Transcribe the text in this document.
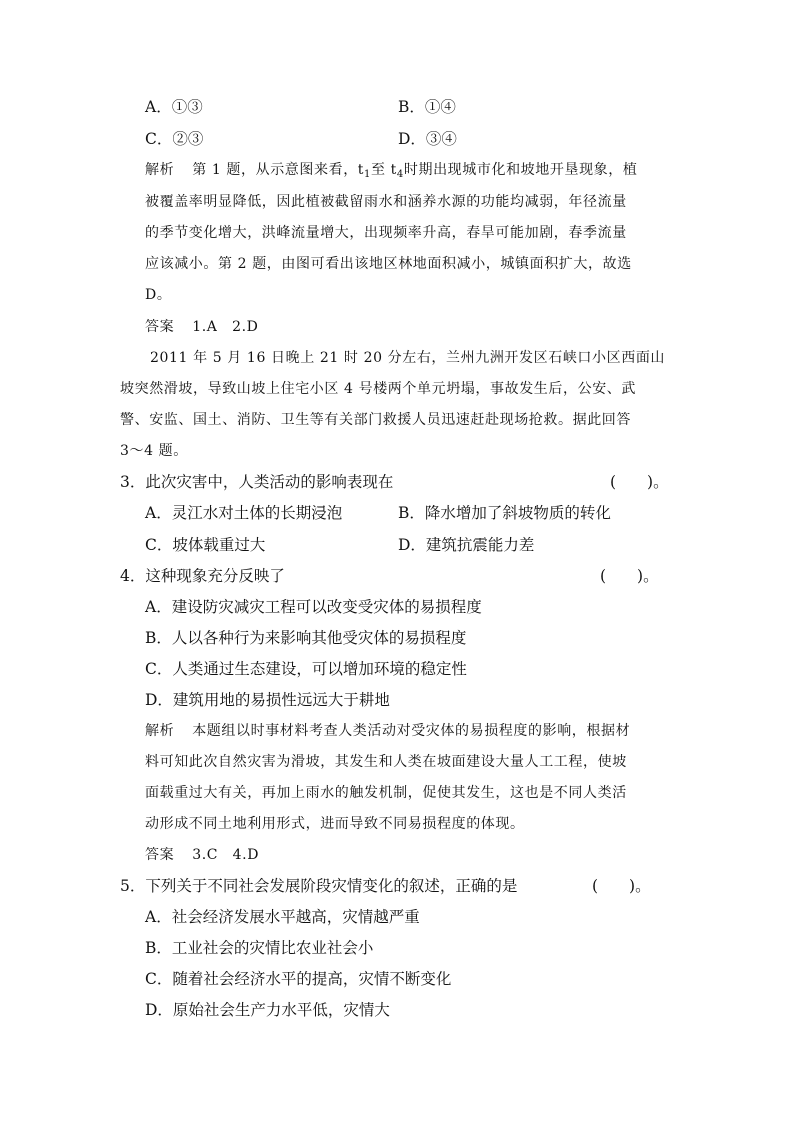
A．①③	B．①④
C．②③	D．③④
解析 第 1 题，从示意图来看，$t_1$至 $t_4$时期出现城市化和坡地开垦现象，植
被覆盖率明显降低，因此植被截留雨水和涵养水源的功能均减弱，年径流量
的季节变化增大，洪峰流量增大，出现频率升高，春旱可能加剧，春季流量
应该减小。第 2 题，由图可看出该地区林地面积减小，城镇面积扩大，故选
D。
答案 1.A　2.D
2011 年 5 月 16 日晚上 21 时 20 分左右，兰州九洲开发区石峡口小区西面山
坡突然滑坡，导致山坡上住宅小区 4 号楼两个单元坍塌，事故发生后，公安、武
警、安监、国土、消防、卫生等有关部门救援人员迅速赶赴现场抢救。据此回答
3～4 题。
3．此次灾害中，人类活动的影响表现在	(　　)。
A．灵江水对土体的长期浸泡	B．降水增加了斜坡物质的转化
C．坡体载重过大	D．建筑抗震能力差
4．这种现象充分反映了	(　　)。
A．建设防灾减灾工程可以改变受灾体的易损程度
B．人以各种行为来影响其他受灾体的易损程度
C．人类通过生态建设，可以增加环境的稳定性
D．建筑用地的易损性远远大于耕地
解析 本题组以时事材料考查人类活动对受灾体的易损程度的影响，根据材
料可知此次自然灾害为滑坡，其发生和人类在坡面建设大量人工工程，使坡
面载重过大有关，再加上雨水的触发机制，促使其发生，这也是不同人类活
动形成不同土地利用形式，进而导致不同易损程度的体现。
答案 3.C　4.D
5．下列关于不同社会发展阶段灾情变化的叙述，正确的是	(　　)。
A．社会经济发展水平越高，灾情越严重
B．工业社会的灾情比农业社会小
C．随着社会经济水平的提高，灾情不断变化
D．原始社会生产力水平低，灾情大
